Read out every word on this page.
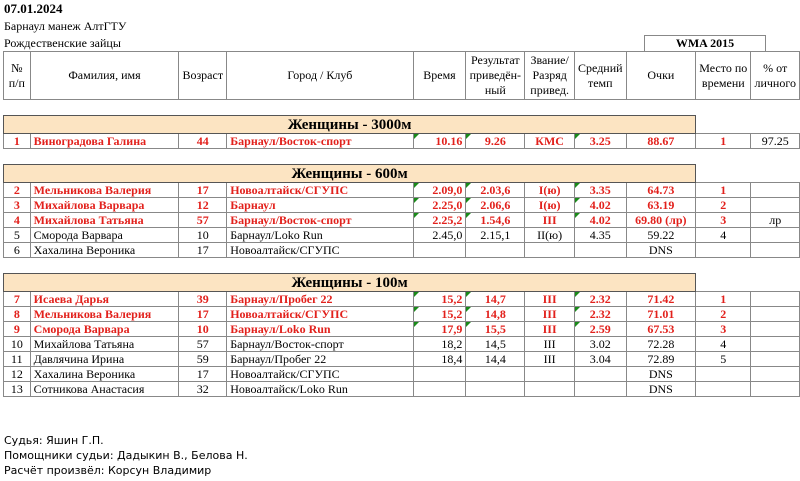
07.01.2024
Барнаул манеж АлтГТУ
Рождественские зайцы	WMA 2015
№ п/п	Фамилия, имя	Возраст	Город / Клуб	Время	Результат приведён-ный	Звание/ Разряд привед.	Средний темп	Очки	Место по времени	% от личного

Женщины - 3000м										
1	Виноградова Галина	44	Барнаул/Восток-спорт	10.16	9.26	КМС	3.25	88.67	1	97.25

Женщины - 600м										
2	Мельникова Валерия	17	Новоалтайск/СГУПС	2.09,0	2.03,6	I(ю)	3.35	64.73	1	
3	Михайлова Варвара	12	Барнаул	2.25,0	2.06,6	I(ю)	4.02	63.19	2	
4	Михайлова Татьяна	57	Барнаул/Восток-спорт	2.25,2	1.54,6	III	4.02	69.80 (лр)	3	лр
5	Сморода Варвара	10	Барнаул/Loko Run	2.45,0	2.15,1	II(ю)	4.35	59.22	4	
6	Хахалина Вероника	17	Новоалтайск/СГУПС					DNS		

Женщины - 100м										
7	Исаева Дарья	39	Барнаул/Пробег 22	15,2	14,7	III	2.32	71.42	1	
8	Мельникова Валерия	17	Новоалтайск/СГУПС	15,2	14,8	III	2.32	71.01	2	
9	Сморода Варвара	10	Барнаул/Loko Run	17,9	15,5	III	2.59	67.53	3	
10	Михайлова Татьяна	57	Барнаул/Восток-спорт	18,2	14,5	III	3.02	72.28	4	
11	Давлячина Ирина	59	Барнаул/Пробег 22	18,4	14,4	III	3.04	72.89	5	
12	Хахалина Вероника	17	Новоалтайск/СГУПС					DNS		
13	Сотникова Анастасия	32	Новоалтайск/Loko Run					DNS		
Судья: Яшин Г.П.
Помощники судьи: Дадыкин В., Белова Н.
Расчёт произвёл: Корсун Владимир
